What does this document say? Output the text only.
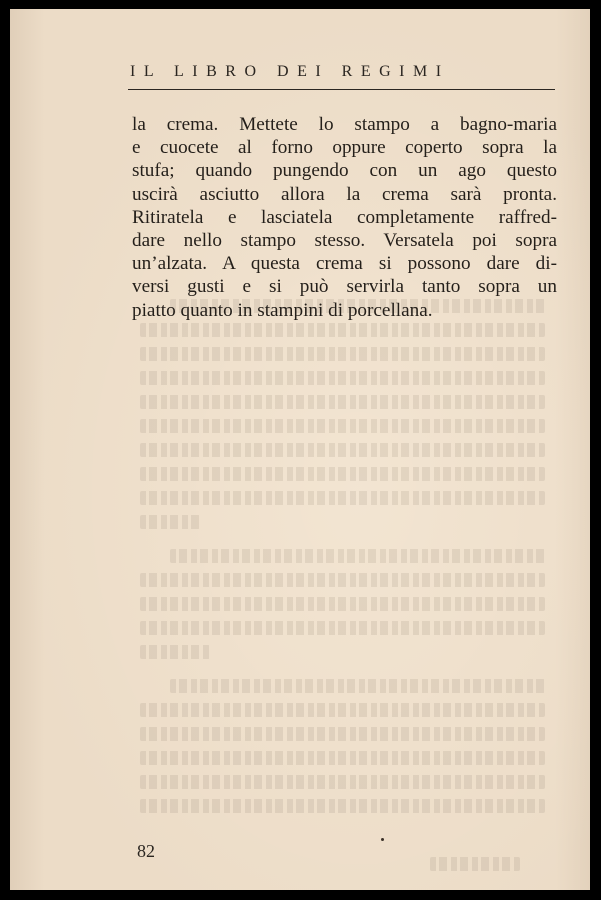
IL LIBRO DEI REGIMI
la crema. Mettete lo stampo a bagno-maria
e cuocete al forno oppure coperto sopra la
stufa; quando pungendo con un ago questo
uscirà asciutto allora la crema sarà pronta.
Ritiratela e lasciatela completamente raffred-
dare nello stampo stesso. Versatela poi sopra
un’alzata. A questa crema si possono dare di-
versi gusti e si può servirla tanto sopra un
piatto quanto in stampini di porcellana.
82
